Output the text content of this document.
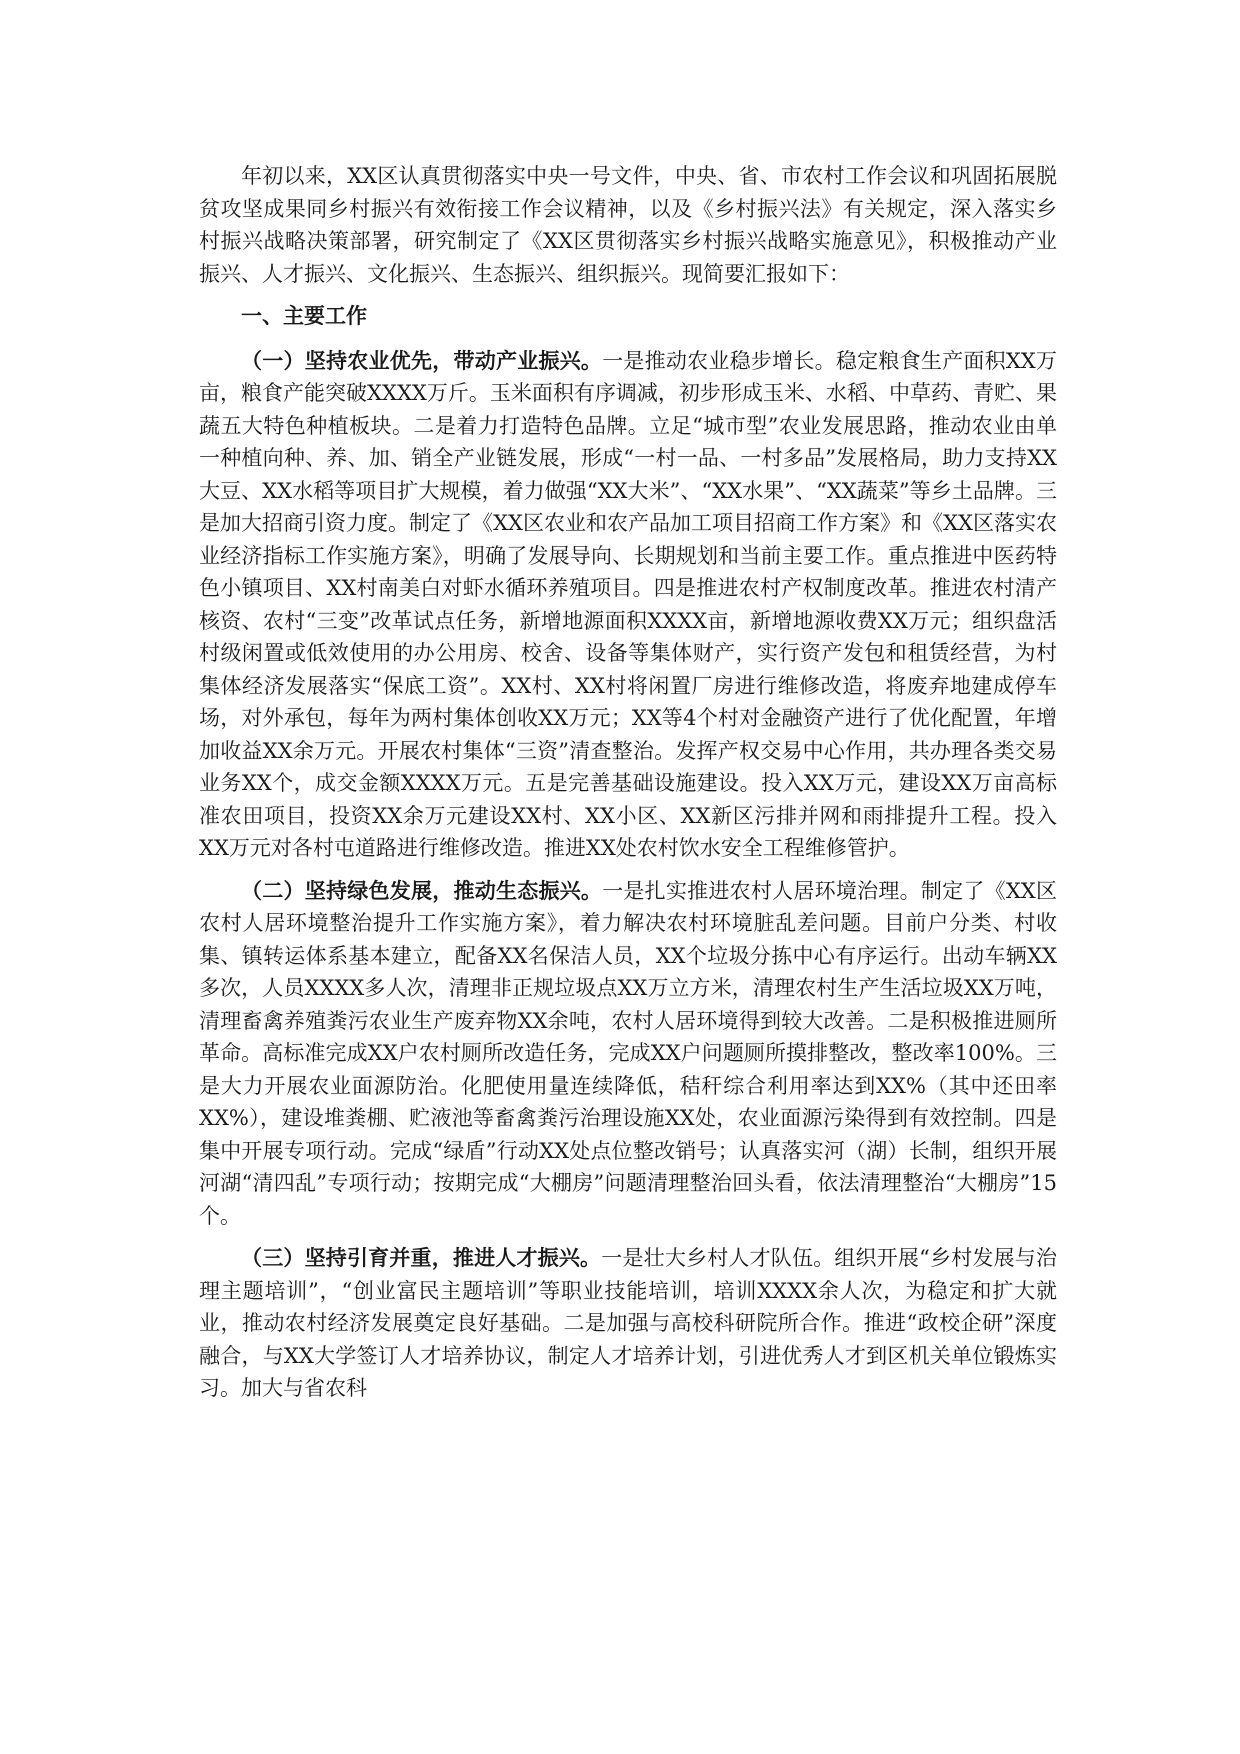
年初以来，XX区认真贯彻落实中央一号文件，中央、省、市农村工作会议和巩固拓展脱贫攻坚成果同乡村振兴有效衔接工作会议精神，以及《乡村振兴法》有关规定，深入落实乡村振兴战略决策部署，研究制定了《XX区贯彻落实乡村振兴战略实施意见》，积极推动产业振兴、人才振兴、文化振兴、生态振兴、组织振兴。现简要汇报如下：

一、主要工作

（一）坚持农业优先，带动产业振兴。一是推动农业稳步增长。稳定粮食生产面积XX万亩，粮食产能突破XXXX万斤。玉米面积有序调减，初步形成玉米、水稻、中草药、青贮、果蔬五大特色种植板块。二是着力打造特色品牌。立足“城市型”农业发展思路，推动农业由单一种植向种、养、加、销全产业链发展，形成“一村一品、一村多品”发展格局，助力支持XX大豆、XX水稻等项目扩大规模，着力做强“XX大米”、“XX水果”、“XX蔬菜”等乡土品牌。三是加大招商引资力度。制定了《XX区农业和农产品加工项目招商工作方案》和《XX区落实农业经济指标工作实施方案》，明确了发展导向、长期规划和当前主要工作。重点推进中医药特色小镇项目、XX村南美白对虾水循环养殖项目。四是推进农村产权制度改革。推进农村清产核资、农村“三变”改革试点任务，新增地源面积XXXX亩，新增地源收费XX万元；组织盘活村级闲置或低效使用的办公用房、校舍、设备等集体财产，实行资产发包和租赁经营，为村集体经济发展落实“保底工资”。XX村、XX村将闲置厂房进行维修改造，将废弃地建成停车场，对外承包，每年为两村集体创收XX万元；XX等4个村对金融资产进行了优化配置，年增加收益XX余万元。开展农村集体“三资”清查整治。发挥产权交易中心作用，共办理各类交易业务XX个，成交金额XXXX万元。五是完善基础设施建设。投入XX万元，建设XX万亩高标准农田项目，投资XX余万元建设XX村、XX小区、XX新区污排并网和雨排提升工程。投入XX万元对各村屯道路进行维修改造。推进XX处农村饮水安全工程维修管护。

（二）坚持绿色发展，推动生态振兴。一是扎实推进农村人居环境治理。制定了《XX区农村人居环境整治提升工作实施方案》，着力解决农村环境脏乱差问题。目前户分类、村收集、镇转运体系基本建立，配备XX名保洁人员，XX个垃圾分拣中心有序运行。出动车辆XX多次，人员XXXX多人次，清理非正规垃圾点XX万立方米，清理农村生产生活垃圾XX万吨，清理畜禽养殖粪污农业生产废弃物XX余吨，农村人居环境得到较大改善。二是积极推进厕所革命。高标准完成XX户农村厕所改造任务，完成XX户问题厕所摸排整改，整改率100%。三是大力开展农业面源防治。化肥使用量连续降低，秸秆综合利用率达到XX%（其中还田率XX%），建设堆粪棚、贮液池等畜禽粪污治理设施XX处，农业面源污染得到有效控制。四是集中开展专项行动。完成“绿盾”行动XX处点位整改销号；认真落实河（湖）长制，组织开展河湖“清四乱”专项行动；按期完成“大棚房”问题清理整治回头看，依法清理整治“大棚房”15个。

（三）坚持引育并重，推进人才振兴。一是壮大乡村人才队伍。组织开展“乡村发展与治理主题培训”，“创业富民主题培训”等职业技能培训，培训XXXX余人次，为稳定和扩大就业，推动农村经济发展奠定良好基础。二是加强与高校科研院所合作。推进“政校企研”深度融合，与XX大学签订人才培养协议，制定人才培养计划，引进优秀人才到区机关单位锻炼实习。加大与省农科
